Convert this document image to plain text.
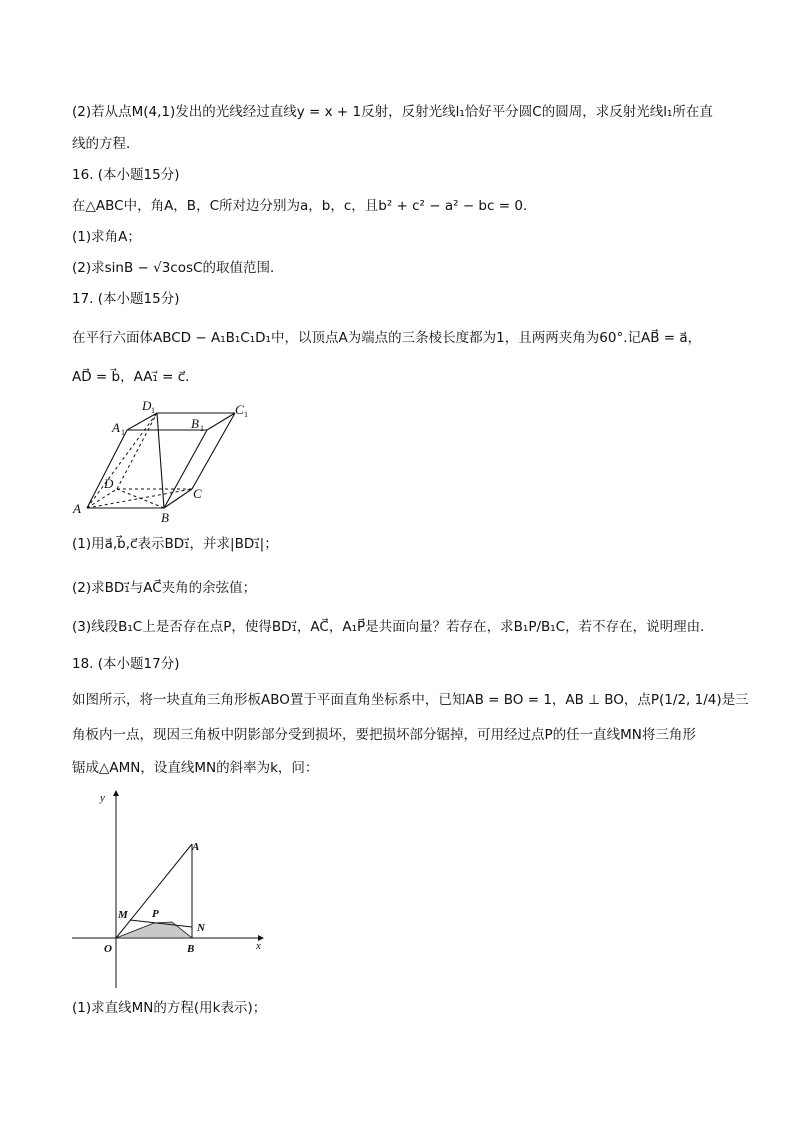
(2)若从点M(4,1)发出的光线经过直线y = x + 1反射，反射光线l₁恰好平分圆C的圆周，求反射光线l₁所在直
线的方程．
16. (本小题15分)
在△ABC中，角A，B，C所对边分别为a，b，c，且b² + c² − a² − bc = 0.
(1)求角A；
(2)求sinB − √3cosC的取值范围．
17. (本小题15分)
在平行六面体ABCD − A₁B₁C₁D₁中，以顶点A为端点的三条棱长度都为1，且两两夹角为60°.记AB⃗ = a⃗，
AD⃗ = b⃗，AA₁⃗ = c⃗．
A
B
C
D
A 1
B 1
D 1	C 1
(1)用a⃗,b⃗,c⃗表示BD₁⃗，并求|BD₁⃗|；
(2)求BD₁⃗与AC⃗夹角的余弦值；
(3)线段B₁C上是否存在点P，使得BD₁⃗，AC⃗，A₁P⃗是共面向量？若存在，求B₁P/B₁C，若不存在，说明理由．
18. (本小题17分)
如图所示，将一块直角三角形板ABO置于平面直角坐标系中，已知AB = BO = 1，AB ⊥ BO，点P(1/2, 1/4)是三
角板内一点，现因三角板中阴影部分受到损坏，要把损坏部分锯掉，可用经过点P的任一直线MN将三角形
锯成△AMN，设直线MN的斜率为k，问：
y
x
O
A
B
M
N
P
(1)求直线MN的方程(用k表示)；
